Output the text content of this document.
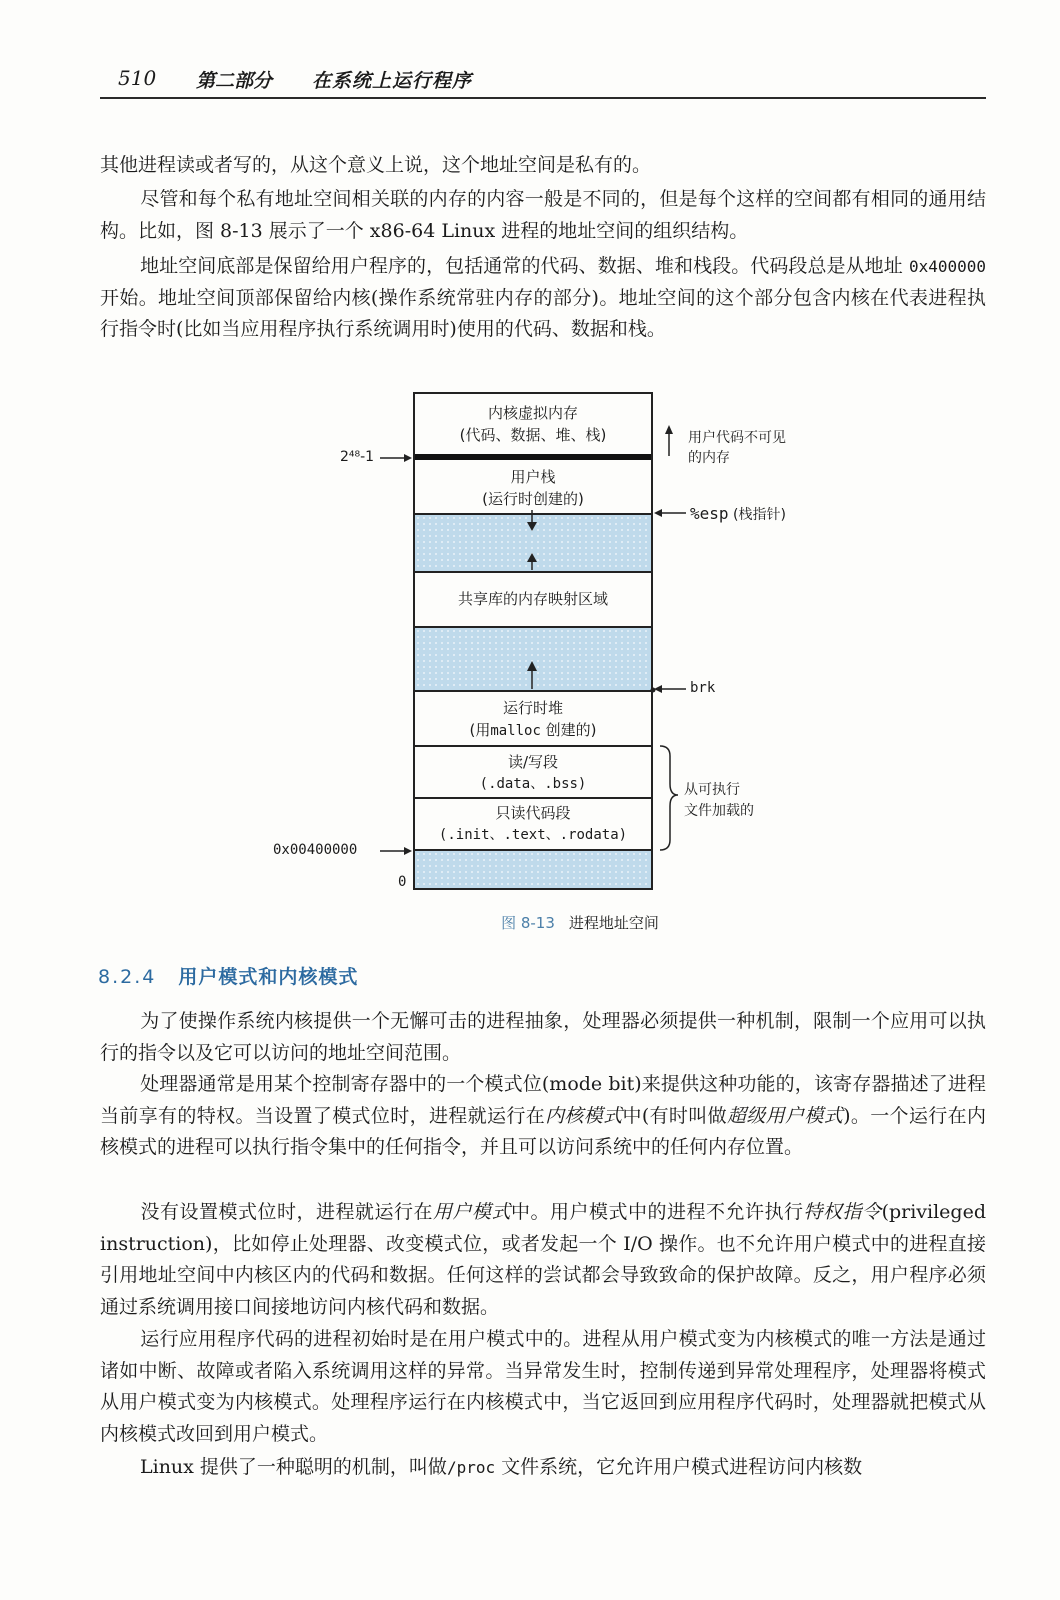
510 第二部分 在系统上运行程序

其他进程读或者写的，从这个意义上说，这个地址空间是私有的。

尽管和每个私有地址空间相关联的内存的内容一般是不同的，但是每个这样的空间都有相同的通用结构。比如，图 8-13 展示了一个 x86-64 Linux 进程的地址空间的组织结构。

地址空间底部是保留给用户程序的，包括通常的代码、数据、堆和栈段。代码段总是从地址 0x400000 开始。地址空间顶部保留给内核(操作系统常驻内存的部分)。地址空间的这个部分包含内核在代表进程执行指令时(比如当应用程序执行系统调用时)使用的代码、数据和栈。

内核虚拟内存
(代码、数据、堆、栈)
用户栈
(运行时创建的)
共享库的内存映射区域
运行时堆
(用malloc 创建的)
读/写段
(.data、.bss)
只读代码段
(.init、.text、.rodata)
2⁴⁸-1
用户代码不可见
的内存
%esp (栈指针)
brk
从可执行
文件加载的
0x00400000
0
图 8-13 进程地址空间
8.2.4 用户模式和内核模式

为了使操作系统内核提供一个无懈可击的进程抽象，处理器必须提供一种机制，限制一个应用可以执行的指令以及它可以访问的地址空间范围。

处理器通常是用某个控制寄存器中的一个模式位(mode bit)来提供这种功能的，该寄存器描述了进程当前享有的特权。当设置了模式位时，进程就运行在内核模式中(有时叫做超级用户模式)。一个运行在内核模式的进程可以执行指令集中的任何指令，并且可以访问系统中的任何内存位置。

没有设置模式位时，进程就运行在用户模式中。用户模式中的进程不允许执行特权指令(privileged instruction)，比如停止处理器、改变模式位，或者发起一个 I/O 操作。也不允许用户模式中的进程直接引用地址空间中内核区内的代码和数据。任何这样的尝试都会导致致命的保护故障。反之，用户程序必须通过系统调用接口间接地访问内核代码和数据。

运行应用程序代码的进程初始时是在用户模式中的。进程从用户模式变为内核模式的唯一方法是通过诸如中断、故障或者陷入系统调用这样的异常。当异常发生时，控制传递到异常处理程序，处理器将模式从用户模式变为内核模式。处理程序运行在内核模式中，当它返回到应用程序代码时，处理器就把模式从内核模式改回到用户模式。

Linux 提供了一种聪明的机制，叫做/proc 文件系统，它允许用户模式进程访问内核数
